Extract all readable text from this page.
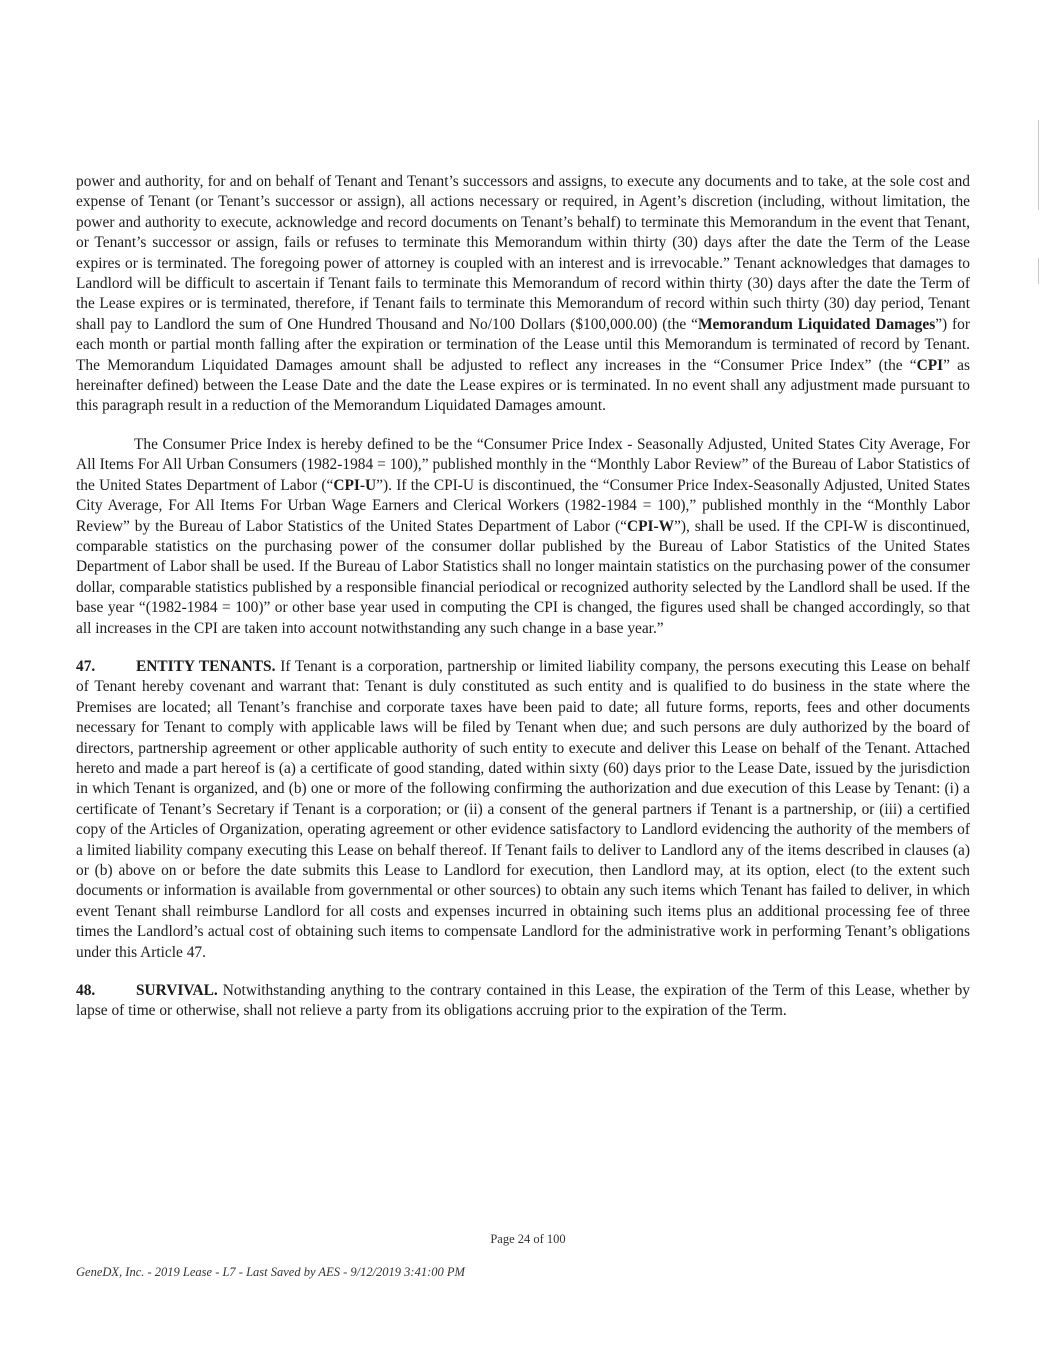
power and authority, for and on behalf of Tenant and Tenant’s successors and assigns, to execute any documents and to take, at the sole cost and expense of Tenant (or Tenant’s successor or assign), all actions necessary or required, in Agent’s discretion (including, without limitation, the power and authority to execute, acknowledge and record documents on Tenant’s behalf) to terminate this Memorandum in the event that Tenant, or Tenant’s successor or assign, fails or refuses to terminate this Memorandum within thirty (30) days after the date the Term of the Lease expires or is terminated. The foregoing power of attorney is coupled with an interest and is irrevocable.” Tenant acknowledges that damages to Landlord will be difficult to ascertain if Tenant fails to terminate this Memorandum of record within thirty (30) days after the date the Term of the Lease expires or is terminated, therefore, if Tenant fails to terminate this Memorandum of record within such thirty (30) day period, Tenant shall pay to Landlord the sum of One Hundred Thousand and No/100 Dollars ($100,000.00) (the “Memorandum Liquidated Damages”) for each month or partial month falling after the expiration or termination of the Lease until this Memorandum is terminated of record by Tenant. The Memorandum Liquidated Damages amount shall be adjusted to reflect any increases in the “Consumer Price Index” (the “CPI” as hereinafter defined) between the Lease Date and the date the Lease expires or is terminated. In no event shall any adjustment made pursuant to this paragraph result in a reduction of the Memorandum Liquidated Damages amount.

The Consumer Price Index is hereby defined to be the “Consumer Price Index - Seasonally Adjusted, United States City Average, For All Items For All Urban Consumers (1982-1984 = 100),” published monthly in the “Monthly Labor Review” of the Bureau of Labor Statistics of the United States Department of Labor (“CPI-U”). If the CPI-U is discontinued, the “Consumer Price Index-Seasonally Adjusted, United States City Average, For All Items For Urban Wage Earners and Clerical Workers (1982-1984 = 100),” published monthly in the “Monthly Labor Review” by the Bureau of Labor Statistics of the United States Department of Labor (“CPI-W”), shall be used. If the CPI-W is discontinued, comparable statistics on the purchasing power of the consumer dollar published by the Bureau of Labor Statistics of the United States Department of Labor shall be used. If the Bureau of Labor Statistics shall no longer maintain statistics on the purchasing power of the consumer dollar, comparable statistics published by a responsible financial periodical or recognized authority selected by the Landlord shall be used. If the base year “(1982-1984 = 100)” or other base year used in computing the CPI is changed, the figures used shall be changed accordingly, so that all increases in the CPI are taken into account notwithstanding any such change in a base year.”

47.	ENTITY TENANTS. If Tenant is a corporation, partnership or limited liability company, the persons executing this Lease on behalf of Tenant hereby covenant and warrant that: Tenant is duly constituted as such entity and is qualified to do business in the state where the Premises are located; all Tenant’s franchise and corporate taxes have been paid to date; all future forms, reports, fees and other documents necessary for Tenant to comply with applicable laws will be filed by Tenant when due; and such persons are duly authorized by the board of directors, partnership agreement or other applicable authority of such entity to execute and deliver this Lease on behalf of the Tenant. Attached hereto and made a part hereof is (a) a certificate of good standing, dated within sixty (60) days prior to the Lease Date, issued by the jurisdiction in which Tenant is organized, and (b) one or more of the following confirming the authorization and due execution of this Lease by Tenant: (i) a certificate of Tenant’s Secretary if Tenant is a corporation; or (ii) a consent of the general partners if Tenant is a partnership, or (iii) a certified copy of the Articles of Organization, operating agreement or other evidence satisfactory to Landlord evidencing the authority of the members of a limited liability company executing this Lease on behalf thereof. If Tenant fails to deliver to Landlord any of the items described in clauses (a) or (b) above on or before the date submits this Lease to Landlord for execution, then Landlord may, at its option, elect (to the extent such documents or information is available from governmental or other sources) to obtain any such items which Tenant has failed to deliver, in which event Tenant shall reimburse Landlord for all costs and expenses incurred in obtaining such items plus an additional processing fee of three times the Landlord’s actual cost of obtaining such items to compensate Landlord for the administrative work in performing Tenant’s obligations under this Article 47.

48.	SURVIVAL. Notwithstanding anything to the contrary contained in this Lease, the expiration of the Term of this Lease, whether by lapse of time or otherwise, shall not relieve a party from its obligations accruing prior to the expiration of the Term.

Page 24 of 100
GeneDX, Inc. - 2019 Lease - L7 - Last Saved by AES - 9/12/2019 3:41:00 PM
